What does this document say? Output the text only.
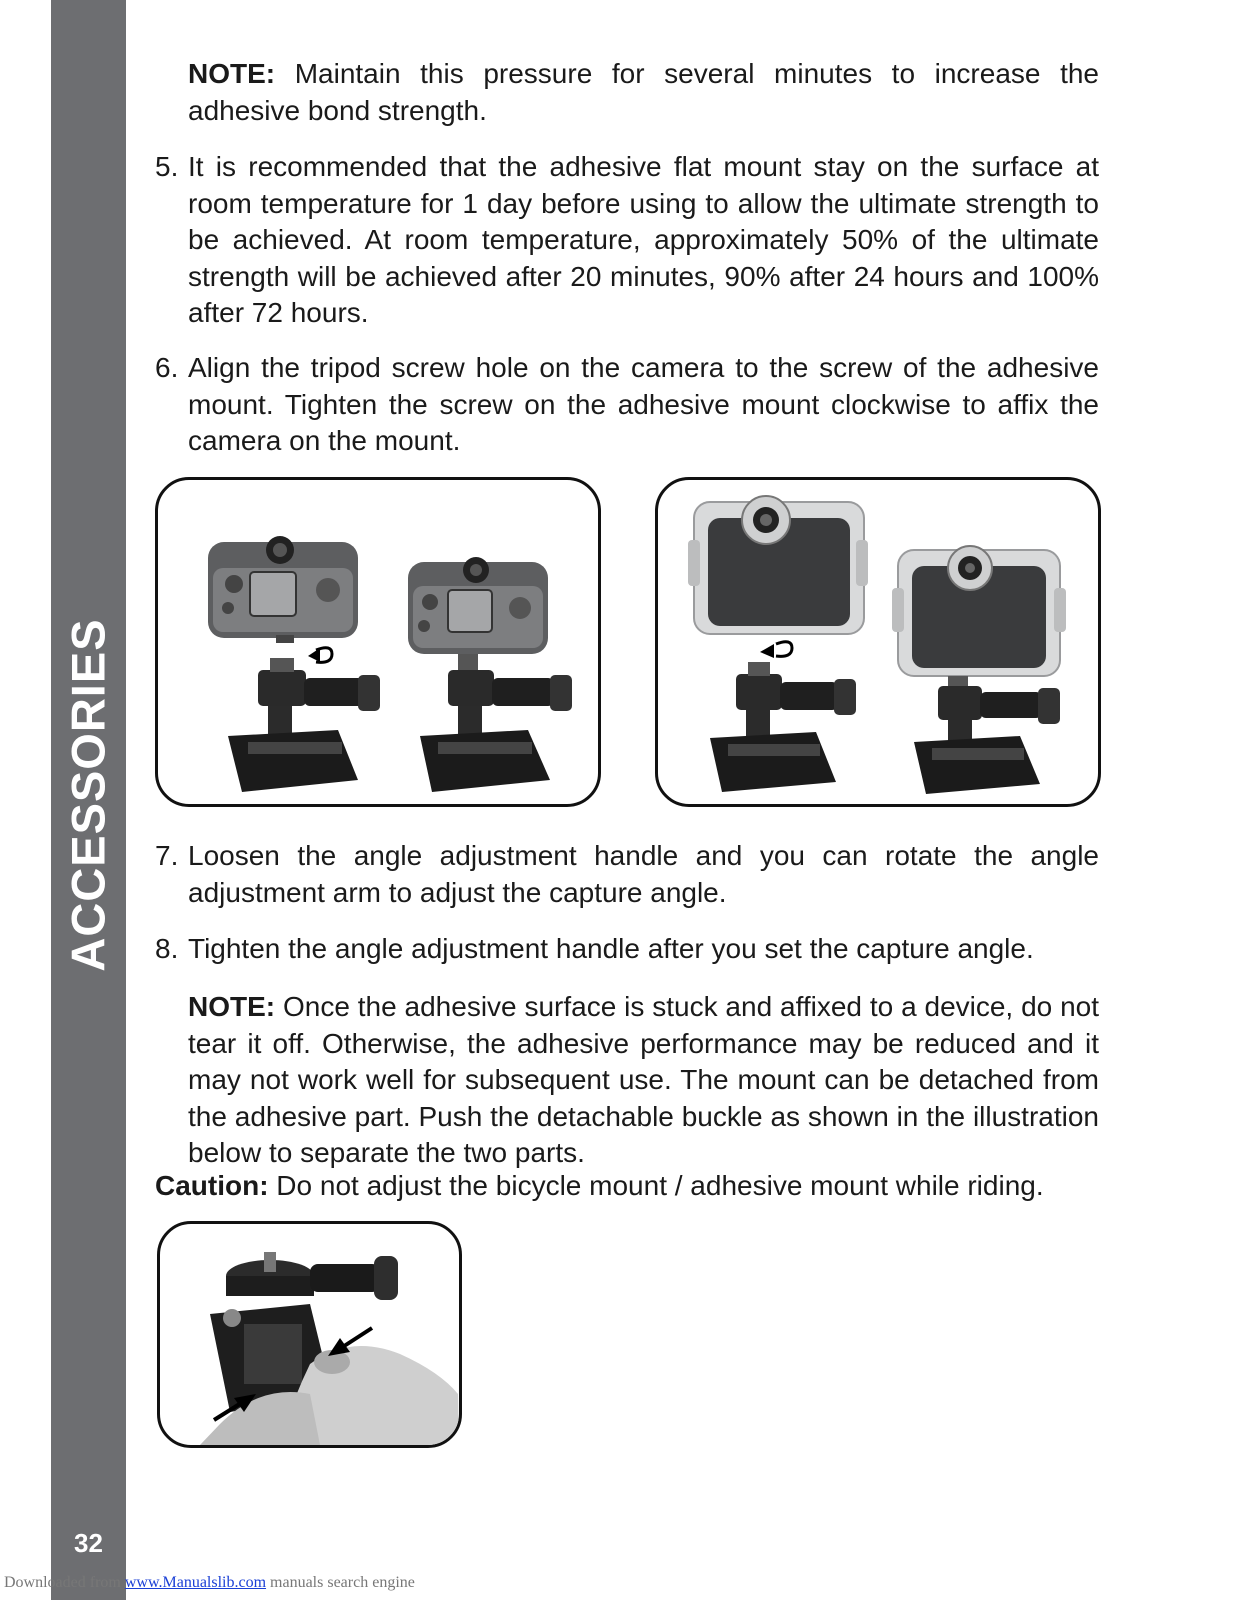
ACCESSORIES
32

NOTE: Maintain this pressure for several minutes to increase the adhesive bond strength.

5. It is recommended that the adhesive flat mount stay on the surface at room temperature for 1 day before using to allow the ultimate strength to be achieved. At room temperature, approximately 50% of the ultimate strength will be achieved after 20 minutes, 90% after 24 hours and 100% after 72 hours.

6. Align the tripod screw hole on the camera to the screw of the adhesive mount. Tighten the screw on the adhesive mount clockwise to affix the camera on the mount.

7. Loosen the angle adjustment handle and you can rotate the angle adjustment arm to adjust the capture angle.

8. Tighten the angle adjustment handle after you set the capture angle.

NOTE: Once the adhesive surface is stuck and affixed to a device, do not tear it off. Otherwise, the adhesive performance may be reduced and it may not work well for subsequent use. The mount can be detached from the adhesive part. Push the detachable buckle as shown in the illustration below to separate the two parts.

Caution: Do not adjust the bicycle mount / adhesive mount while riding.

Downloaded from www.Manualslib.com manuals search engine
